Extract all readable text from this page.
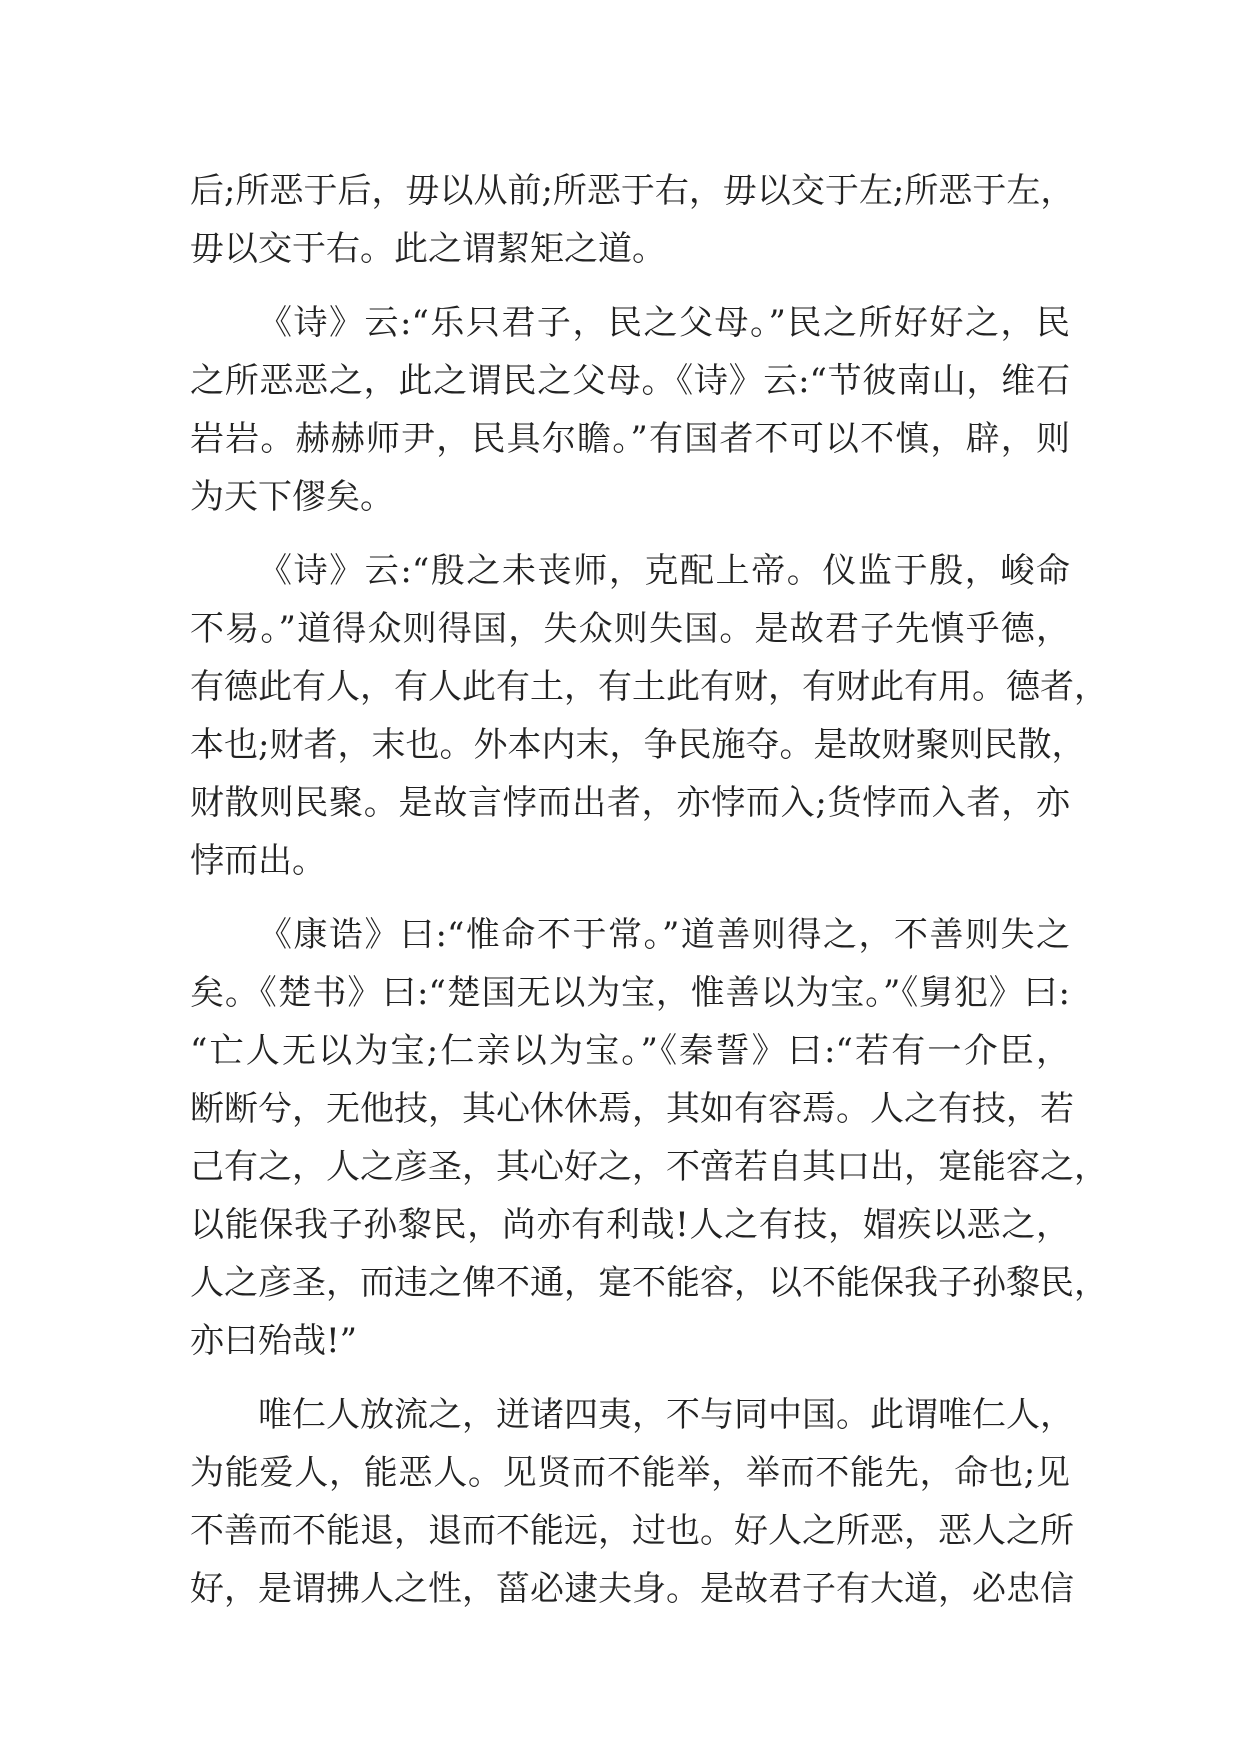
后;所恶于后，毋以从前;所恶于右，毋以交于左;所恶于左，
毋以交于右。此之谓絜矩之道。
《诗》云:“乐只君子，民之父母。”民之所好好之，民
之所恶恶之，此之谓民之父母。《诗》云:“节彼南山，维石
岩岩。赫赫师尹，民具尔瞻。”有国者不可以不慎，辟，则
为天下僇矣。
《诗》云:“殷之未丧师，克配上帝。仪监于殷，峻命
不易。”道得众则得国，失众则失国。是故君子先慎乎德，
有德此有人，有人此有土，有土此有财，有财此有用。德者，
本也;财者，末也。外本内末，争民施夺。是故财聚则民散，
财散则民聚。是故言悖而出者，亦悖而入;货悖而入者，亦
悖而出。
《康诰》曰:“惟命不于常。”道善则得之，不善则失之
矣。《楚书》曰:“楚国无以为宝，惟善以为宝。”《舅犯》曰:
“亡人无以为宝;仁亲以为宝。”《秦誓》曰:“若有一介臣，
断断兮，无他技，其心休休焉，其如有容焉。人之有技，若
己有之，人之彦圣，其心好之，不啻若自其口出，寔能容之，
以能保我子孙黎民，尚亦有利哉!人之有技，媢疾以恶之，
人之彦圣，而违之俾不通，寔不能容，以不能保我子孙黎民，
亦曰殆哉!”
唯仁人放流之，迸诸四夷，不与同中国。此谓唯仁人，
为能爱人，能恶人。见贤而不能举，举而不能先，命也;见
不善而不能退，退而不能远，过也。好人之所恶，恶人之所
好，是谓拂人之性，菑必逮夫身。是故君子有大道，必忠信
